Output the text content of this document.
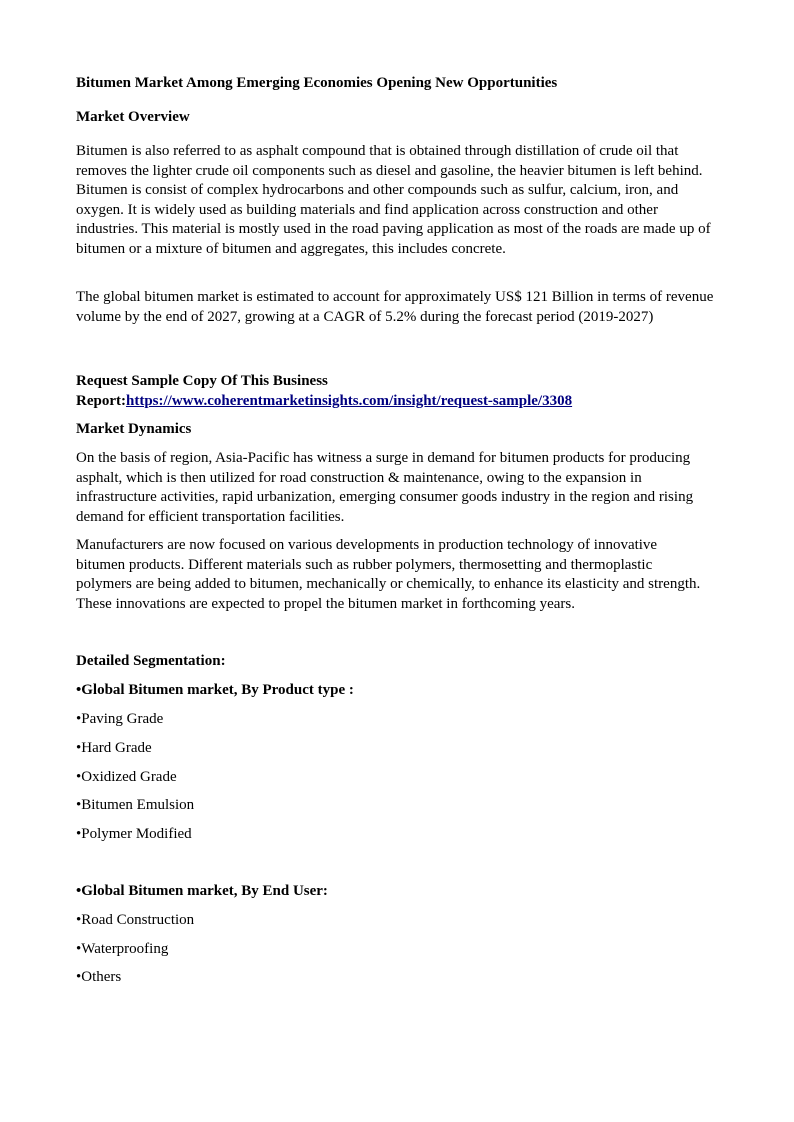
Bitumen Market Among Emerging Economies Opening New Opportunities
Market Overview

Bitumen is also referred to as asphalt compound that is obtained through distillation of crude oil that removes the lighter crude oil components such as diesel and gasoline, the heavier bitumen is left behind. Bitumen is consist of complex hydrocarbons and other compounds such as sulfur, calcium, iron, and oxygen. It is widely used as building materials and find application across construction and other industries. This material is mostly used in the road paving application as most of the roads are made up of bitumen or a mixture of bitumen and aggregates, this includes concrete.

The global bitumen market is estimated to account for approximately US$ 121 Billion in terms of revenue volume by the end of 2027, growing at a CAGR of 5.2% during the forecast period (2019-2027)

Request Sample Copy Of This Business
Report:https://www.coherentmarketinsights.com/insight/request-sample/3308
Market Dynamics

On the basis of region, Asia-Pacific has witness a surge in demand for bitumen products for producing asphalt, which is then utilized for road construction & maintenance, owing to the expansion in infrastructure activities, rapid urbanization, emerging consumer goods industry in the region and rising demand for efficient transportation facilities.

Manufacturers are now focused on various developments in production technology of innovative bitumen products. Different materials such as rubber polymers, thermosetting and thermoplastic polymers are being added to bitumen, mechanically or chemically, to enhance its elasticity and strength. These innovations are expected to propel the bitumen market in forthcoming years.

Detailed Segmentation:
•Global Bitumen market, By Product type :
•Paving Grade
•Hard Grade
•Oxidized Grade
•Bitumen Emulsion
•Polymer Modified
•Global Bitumen market, By End User:
•Road Construction
•Waterproofing
•Others
